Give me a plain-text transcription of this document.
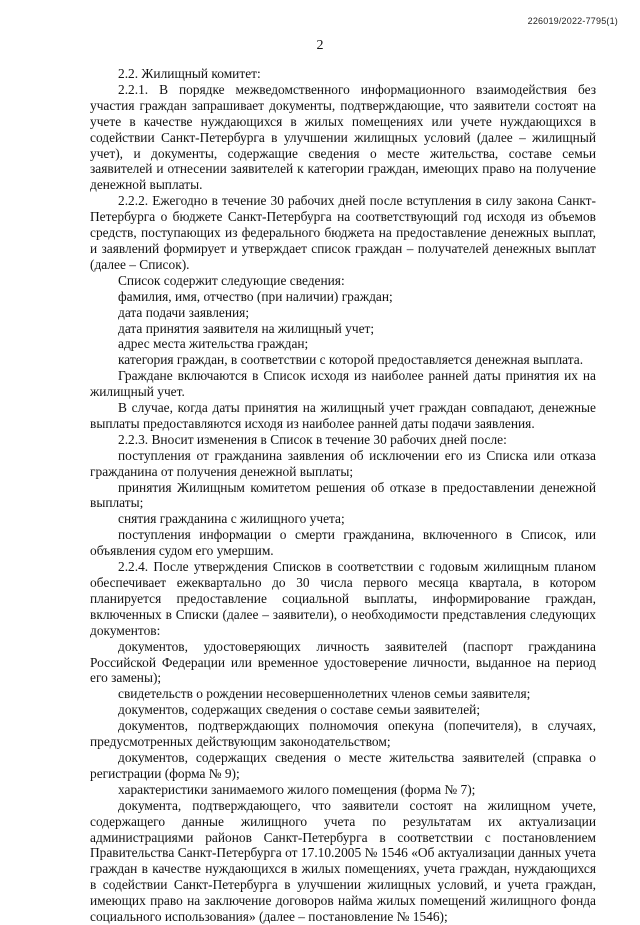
226019/2022-7795(1)
2

2.2. Жилищный комитет:

2.2.1. В порядке межведомственного информационного взаимодействия без участия граждан запрашивает документы, подтверждающие, что заявители состоят на учете в качестве нуждающихся в жилых помещениях или учете нуждающихся в содействии Санкт-Петербурга в улучшении жилищных условий (далее – жилищный учет), и документы, содержащие сведения о месте жительства, составе семьи заявителей и отнесении заявителей к категории граждан, имеющих право на получение денежной выплаты.

2.2.2. Ежегодно в течение 30 рабочих дней после вступления в силу закона Санкт-Петербурга о бюджете Санкт-Петербурга на соответствующий год исходя из объемов средств, поступающих из федерального бюджета на предоставление денежных выплат, и заявлений формирует и утверждает список граждан – получателей денежных выплат (далее – Список).

Список содержит следующие сведения:

фамилия, имя, отчество (при наличии) граждан;

дата подачи заявления;

дата принятия заявителя на жилищный учет;

адрес места жительства граждан;

категория граждан, в соответствии с которой предоставляется денежная выплата.

Граждане включаются в Список исходя из наиболее ранней даты принятия их на жилищный учет.

В случае, когда даты принятия на жилищный учет граждан совпадают, денежные выплаты предоставляются исходя из наиболее ранней даты подачи заявления.

2.2.3. Вносит изменения в Список в течение 30 рабочих дней после:

поступления от гражданина заявления об исключении его из Списка или отказа гражданина от получения денежной выплаты;

принятия Жилищным комитетом решения об отказе в предоставлении денежной выплаты;

снятия гражданина с жилищного учета;

поступления информации о смерти гражданина, включенного в Список, или объявления судом его умершим.

2.2.4. После утверждения Списков в соответствии с годовым жилищным планом обеспечивает ежеквартально до 30 числа первого месяца квартала, в котором планируется предоставление социальной выплаты, информирование граждан, включенных в Списки (далее – заявители), о необходимости представления следующих документов:

документов, удостоверяющих личность заявителей (паспорт гражданина Российской Федерации или временное удостоверение личности, выданное на период его замены);

свидетельств о рождении несовершеннолетних членов семьи заявителя;

документов, содержащих сведения о составе семьи заявителей;

документов, подтверждающих полномочия опекуна (попечителя), в случаях, предусмотренных действующим законодательством;

документов, содержащих сведения о месте жительства заявителей (справка о регистрации (форма № 9);

характеристики занимаемого жилого помещения (форма № 7);

документа, подтверждающего, что заявители состоят на жилищном учете, содержащего данные жилищного учета по результатам их актуализации администрациями районов Санкт-Петербурга в соответствии с постановлением Правительства Санкт-Петербурга от 17.10.2005 № 1546 «Об актуализации данных учета граждан в качестве нуждающихся в жилых помещениях, учета граждан, нуждающихся в содействии Санкт-Петербурга в улучшении жилищных условий, и учета граждан, имеющих право на заключение договоров найма жилых помещений жилищного фонда социального использования» (далее – постановление № 1546);
